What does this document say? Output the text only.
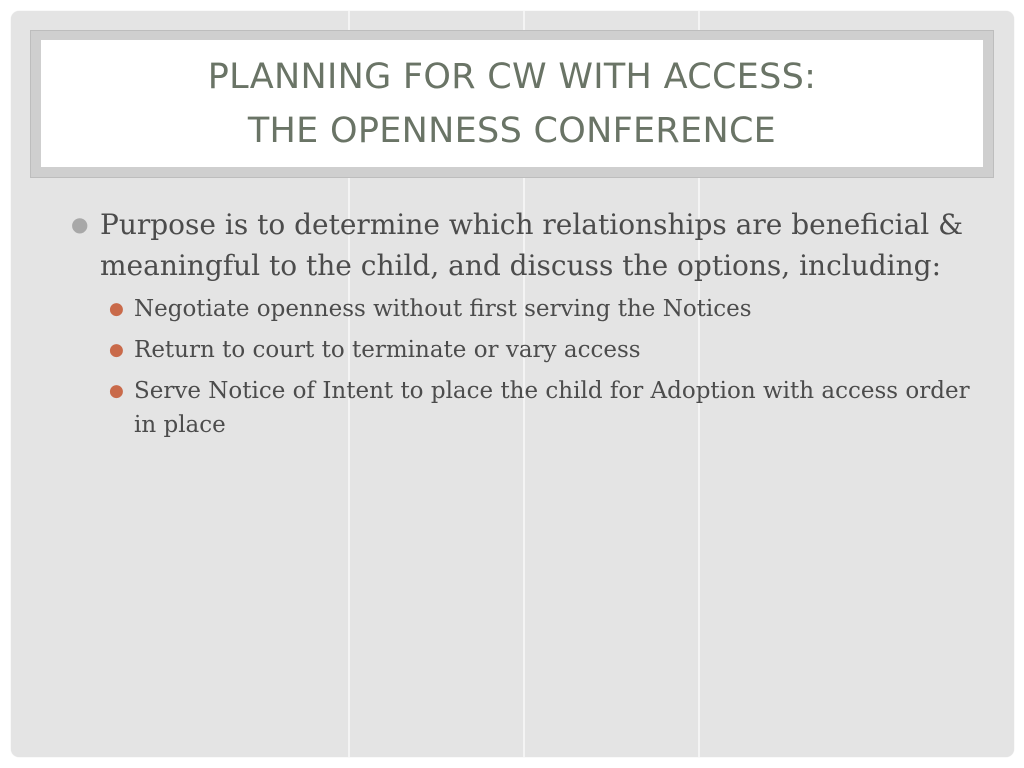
PLANNING FOR CW WITH ACCESS:
THE OPENNESS CONFERENCE
● Purpose is to determine which relationships are beneficial & meaningful to the child, and discuss the options, including:
● Negotiate openness without first serving the Notices
● Return to court to terminate or vary access
● Serve Notice of Intent to place the child for Adoption with access order in place
